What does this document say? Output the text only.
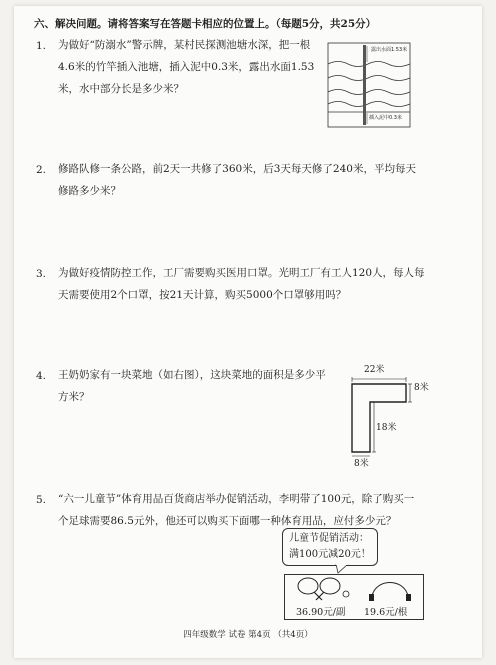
六、解决问题。请将答案写在答题卡相应的位置上。（每题5分，共25分）
1. 为做好“防溺水”警示牌，某村民探测池塘水深，把一根
4.6米的竹竿插入池塘，插入泥中0.3米，露出水面1.53
米，水中部分长是多少米？
露出水面1.53米
插入泥中0.3米
2. 修路队修一条公路，前2天一共修了360米，后3天每天修了240米，平均每天
修路多少米？
3. 为做好疫情防控工作，工厂需要购买医用口罩。光明工厂有工人120人，每人每
天需要使用2个口罩，按21天计算，购买5000个口罩够用吗？
4. 王奶奶家有一块菜地（如右图），这块菜地的面积是多少平
方米？
22米
8米
18米
8米
5. “六一儿童节”体育用品百货商店举办促销活动，李明带了100元，除了购买一
个足球需要86.5元外，他还可以购买下面哪一种体育用品，应付多少元？
儿童节促销活动：
满100元减20元！
36.90元/副 19.6元/根
四年级数学 试卷 第4页 （共4页）
